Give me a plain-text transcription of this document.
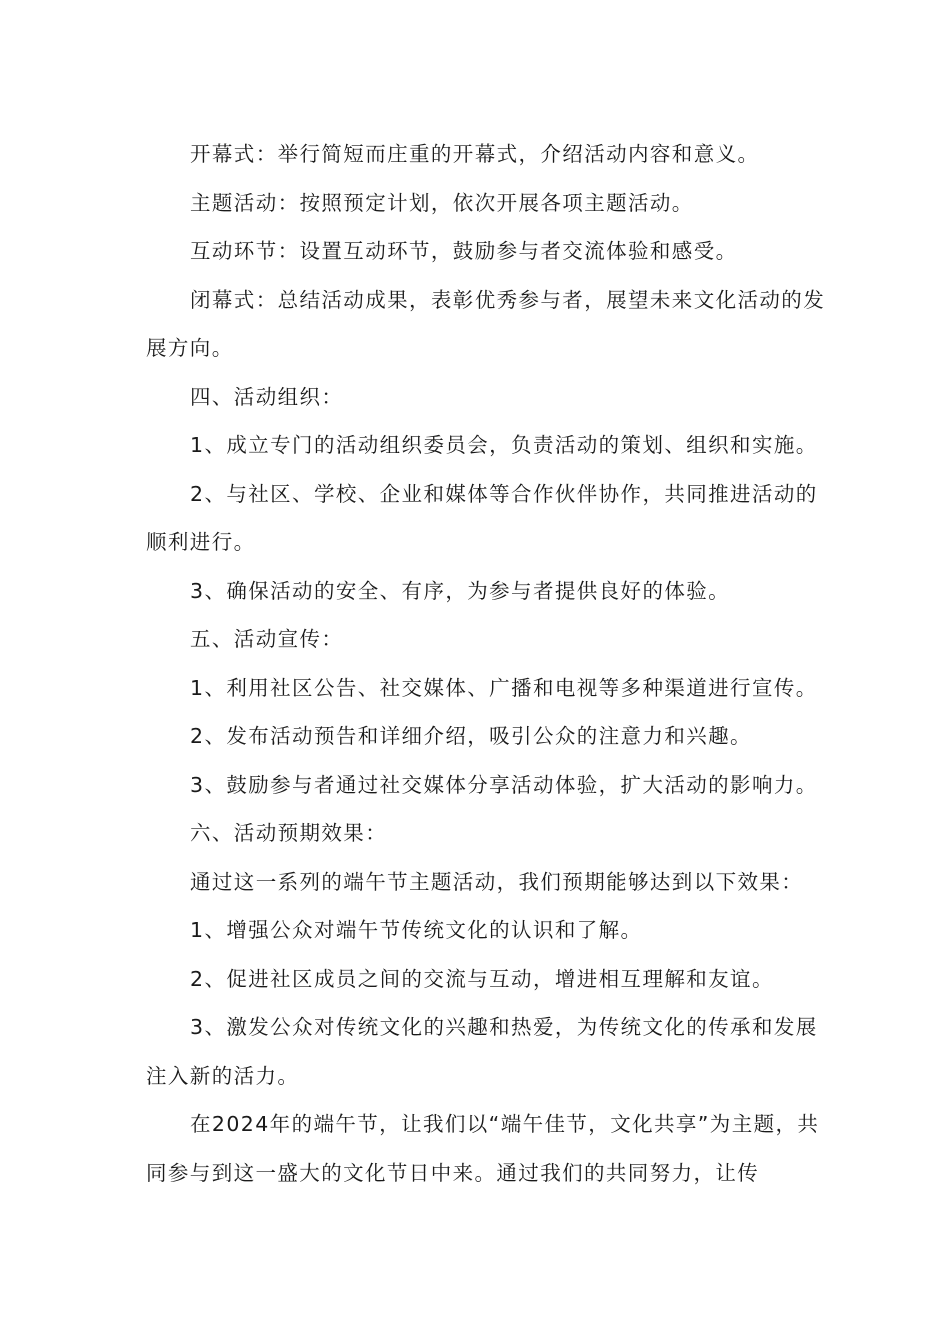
开幕式：举行简短而庄重的开幕式，介绍活动内容和意义。

主题活动：按照预定计划，依次开展各项主题活动。

互动环节：设置互动环节，鼓励参与者交流体验和感受。

闭幕式：总结活动成果，表彰优秀参与者，展望未来文化活动的发展方向。

四、活动组织：

1、成立专门的活动组织委员会，负责活动的策划、组织和实施。

2、与社区、学校、企业和媒体等合作伙伴协作，共同推进活动的顺利进行。

3、确保活动的安全、有序，为参与者提供良好的体验。

五、活动宣传：

1、利用社区公告、社交媒体、广播和电视等多种渠道进行宣传。

2、发布活动预告和详细介绍，吸引公众的注意力和兴趣。

3、鼓励参与者通过社交媒体分享活动体验，扩大活动的影响力。

六、活动预期效果：

通过这一系列的端午节主题活动，我们预期能够达到以下效果：

1、增强公众对端午节传统文化的认识和了解。

2、促进社区成员之间的交流与互动，增进相互理解和友谊。

3、激发公众对传统文化的兴趣和热爱，为传统文化的传承和发展注入新的活力。

在2024年的端午节，让我们以“端午佳节，文化共享”为主题，共同参与到这一盛大的文化节日中来。通过我们的共同努力，让传
